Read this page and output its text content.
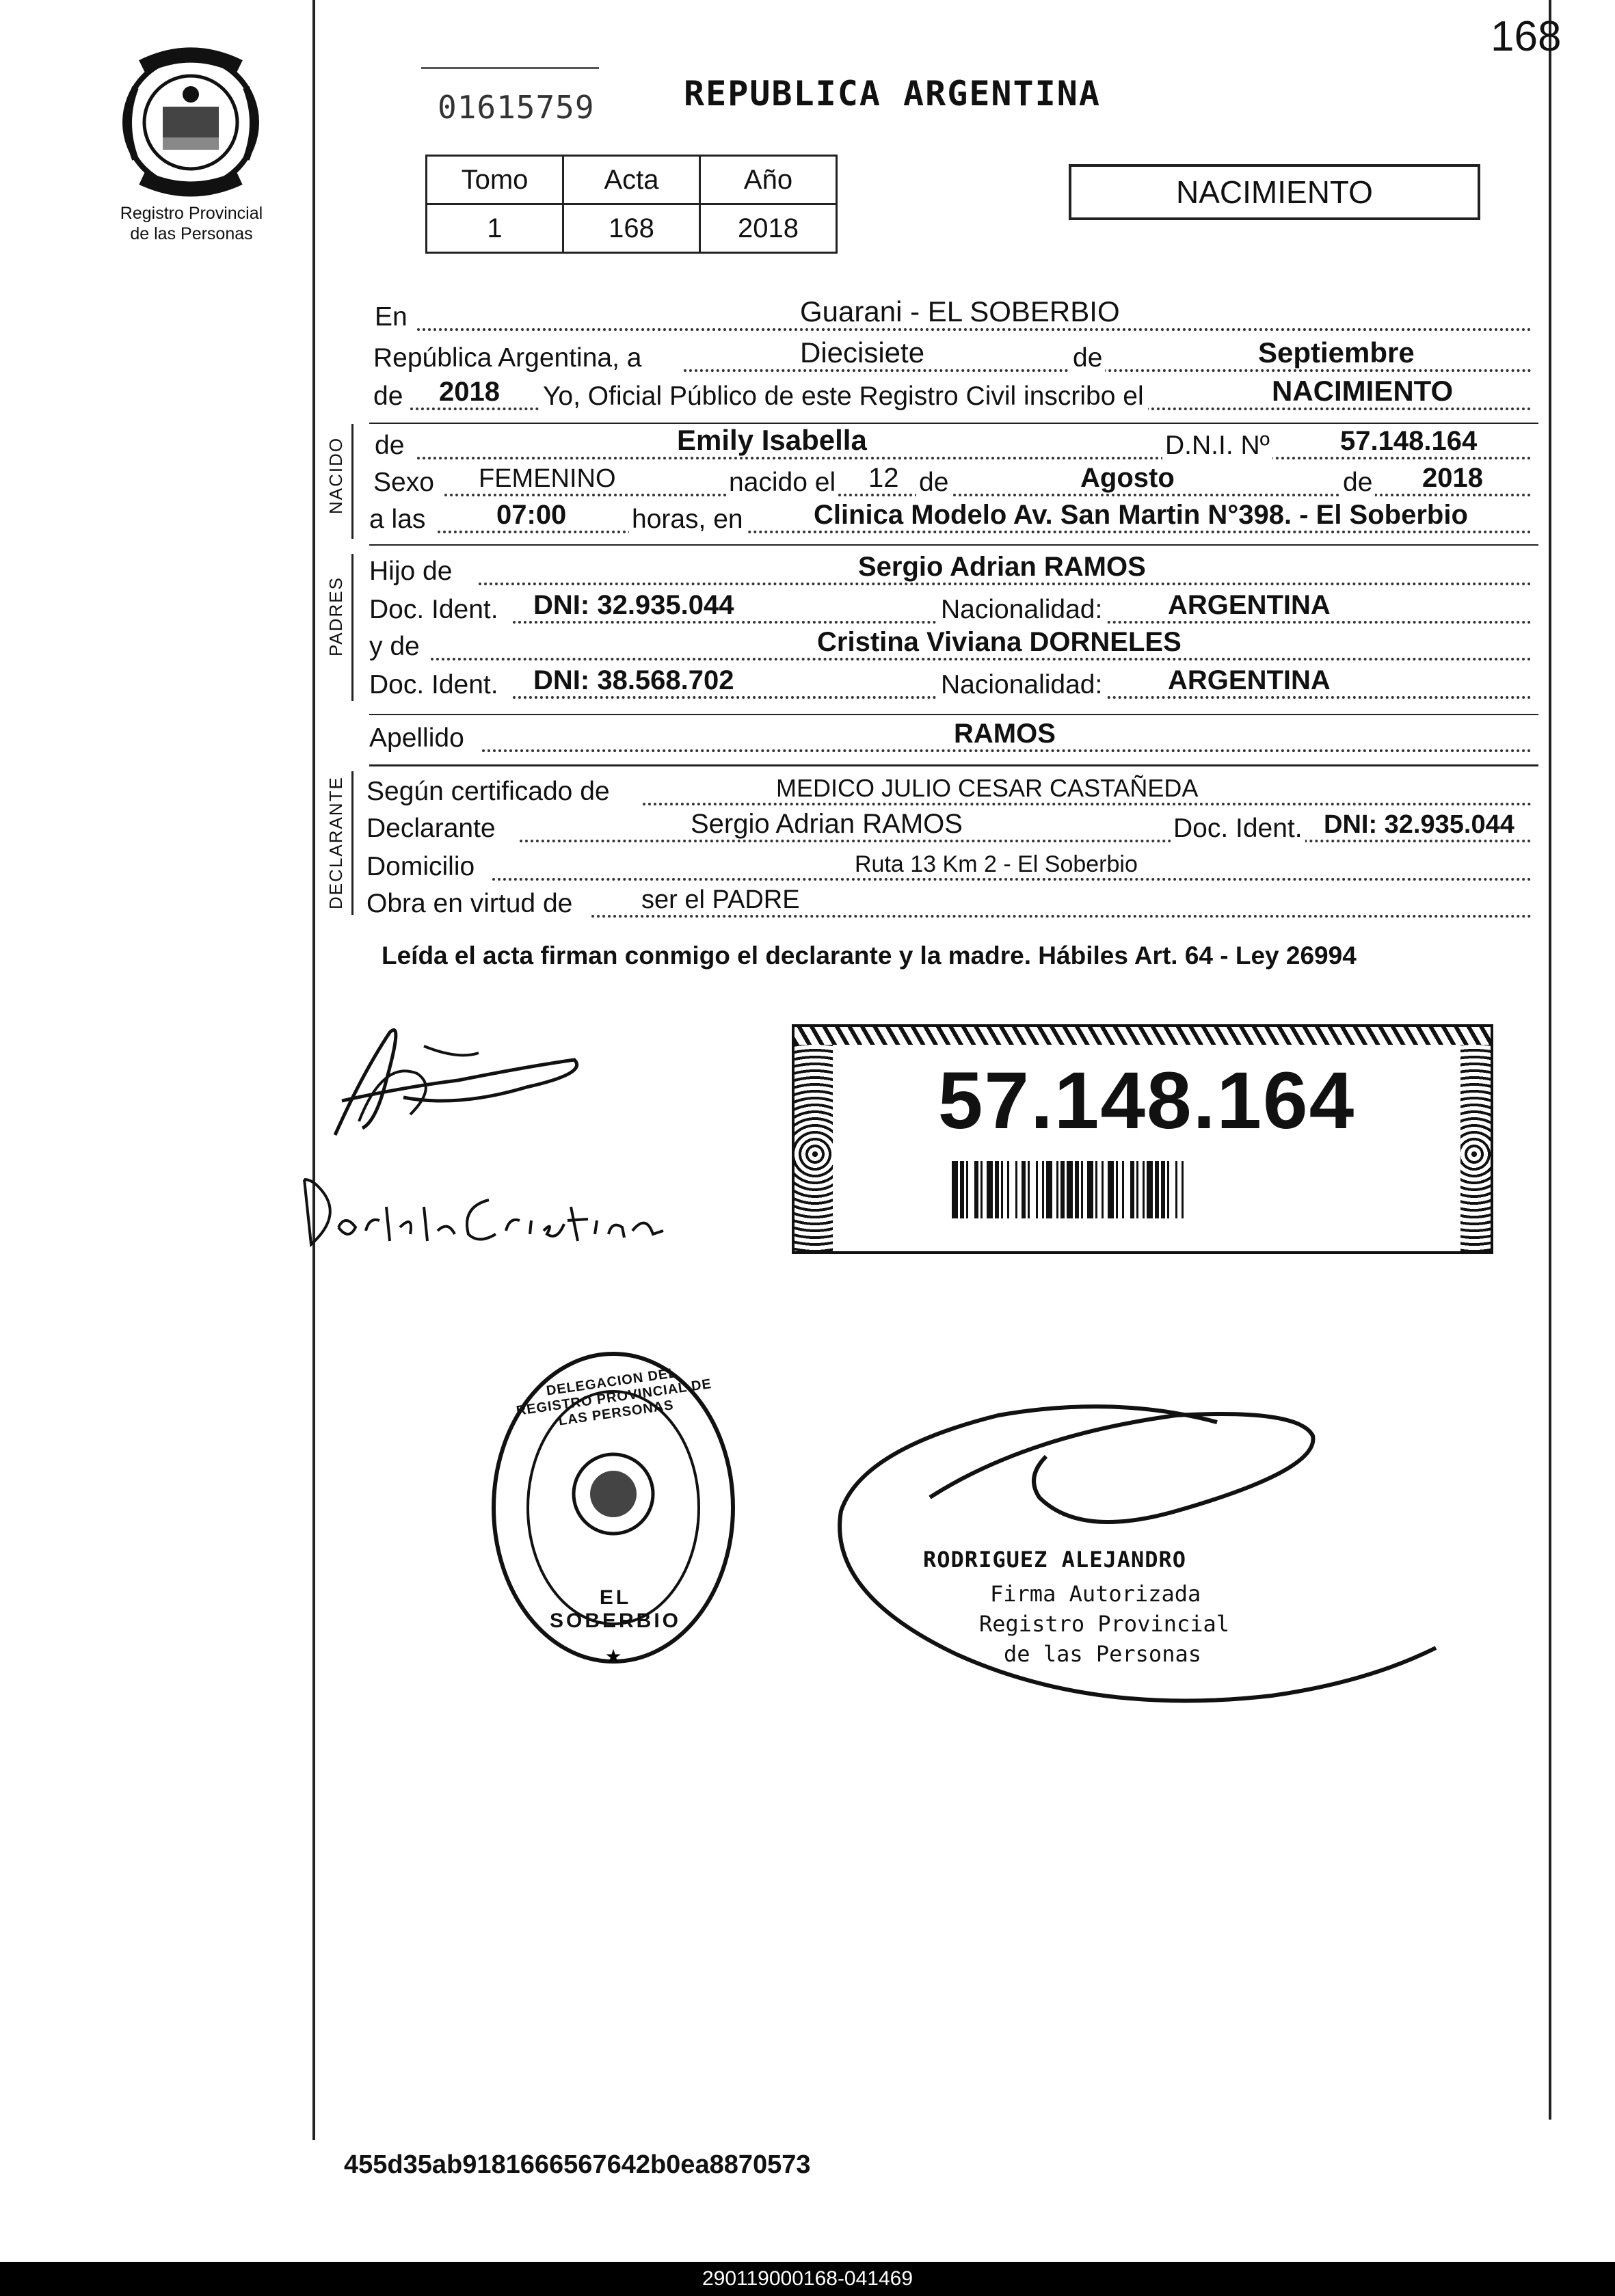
168
Registro Provincial
de las Personas
01615759	REPUBLICA ARGENTINA
NACIMIENTO
Tomo	Acta	Año
1	168	2018
En	Guarani - EL SOBERBIO
República Argentina, a	Diecisiete	de	Septiembre
de 2018 Yo, Oficial Público de este Registro Civil inscribo el	NACIMIENTO
NACIDO de	Emily Isabella	D.N.I. Nº	57.148.164
Sexo FEMENINO	nacido el 12 de	Agosto	de 2018
a las	07:00 horas, en	Clinica Modelo Av. San Martin N°398. - El Soberbio
PADRES
Hijo de	Sergio Adrian RAMOS
Doc. Ident. DNI: 32.935.044	Nacionalidad: ARGENTINA
y de	Cristina Viviana DORNELES
Doc. Ident. DNI: 38.568.702	Nacionalidad: ARGENTINA
Apellido	RAMOS
DECLARANTE Según certificado de	MEDICO JULIO CESAR CASTAÑEDA
Declarante	Sergio Adrian RAMOS	Doc. Ident. DNI: 32.935.044
Domicilio	Ruta 13 Km 2 - El Soberbio
Obra en virtud de	ser el PADRE
Leída el acta firman conmigo el declarante y la madre. Hábiles Art. 64 - Ley 26994
57.148.164
★
DELEGACION DEL REGISTRO PROVINCIAL DE LAS PERSONAS
EL SOBERBIO
RODRIGUEZ ALEJANDRO
Firma Autorizada
Registro Provincial
de las Personas
455d35ab9181666567642b0ea8870573
290119000168-041469
